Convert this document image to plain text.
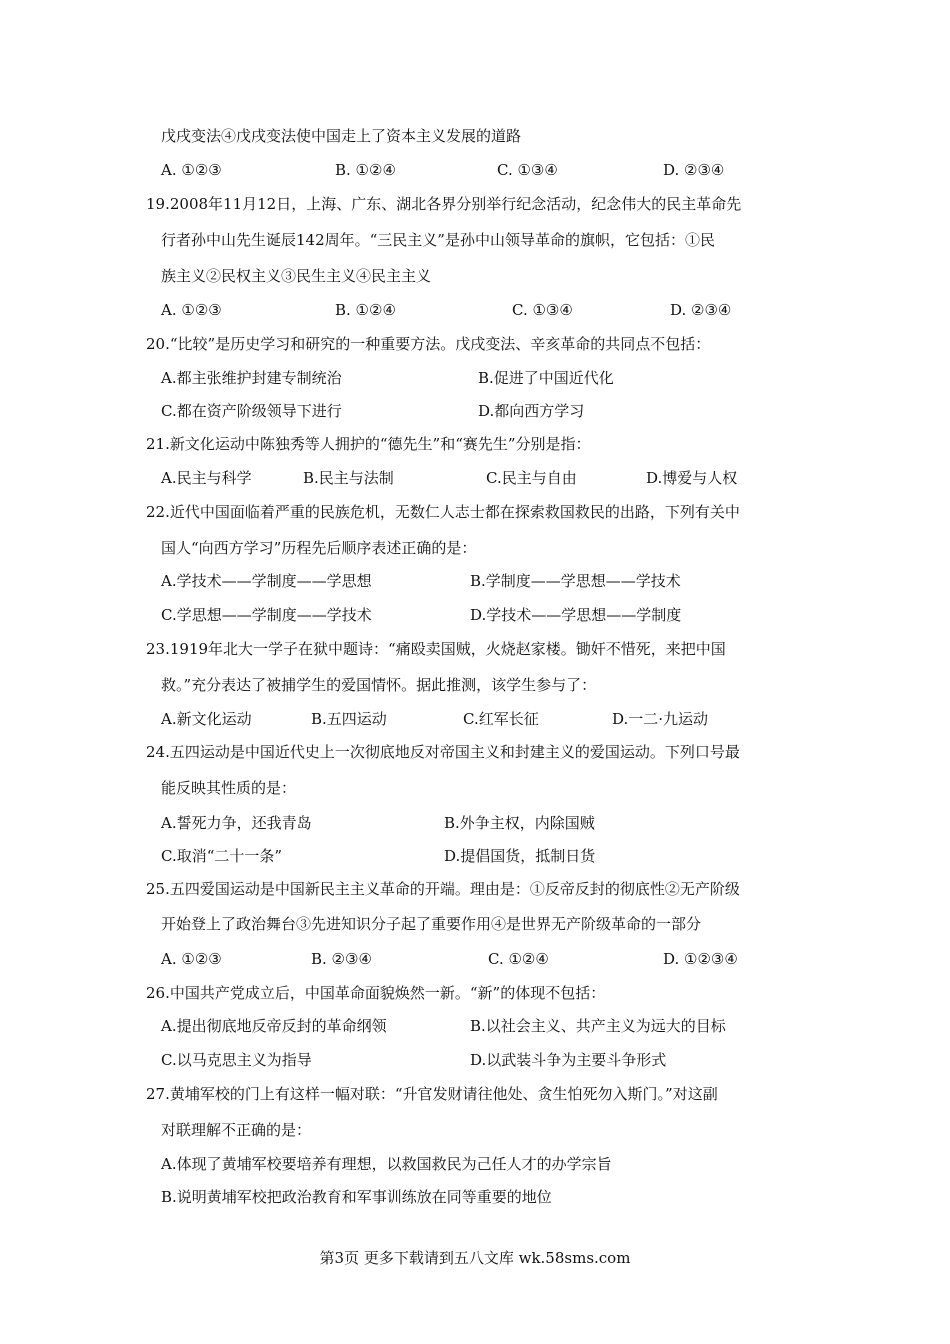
戊戌变法④戊戌变法使中国走上了资本主义发展的道路
A. ①②③	B. ①②④	C. ①③④	D. ②③④
19.2008年11月12日，上海、广东、湖北各界分别举行纪念活动，纪念伟大的民主革命先
行者孙中山先生诞辰142周年。“三民主义”是孙中山领导革命的旗帜，它包括：①民
族主义②民权主义③民生主义④民主主义
A. ①②③	B. ①②④	C. ①③④	D. ②③④
20.“比较”是历史学习和研究的一种重要方法。戊戌变法、辛亥革命的共同点不包括：
A.都主张维护封建专制统治	B.促进了中国近代化
C.都在资产阶级领导下进行	D.都向西方学习
21.新文化运动中陈独秀等人拥护的“德先生”和“赛先生”分别是指：
A.民主与科学	B.民主与法制	C.民主与自由	D.博爱与人权
22.近代中国面临着严重的民族危机，无数仁人志士都在探索救国救民的出路，下列有关中
国人“向西方学习”历程先后顺序表述正确的是：
A.学技术——学制度——学思想	B.学制度——学思想——学技术
C.学思想——学制度——学技术	D.学技术——学思想——学制度
23.1919年北大一学子在狱中题诗：“痛殴卖国贼，火烧赵家楼。锄奸不惜死，来把中国
救。”充分表达了被捕学生的爱国情怀。据此推测，该学生参与了：
A.新文化运动	B.五四运动	C.红军长征	D.一二·九运动
24.五四运动是中国近代史上一次彻底地反对帝国主义和封建主义的爱国运动。下列口号最
能反映其性质的是：
A.誓死力争，还我青岛	B.外争主权，内除国贼
C.取消“二十一条”	D.提倡国货，抵制日货
25.五四爱国运动是中国新民主主义革命的开端。理由是：①反帝反封的彻底性②无产阶级
开始登上了政治舞台③先进知识分子起了重要作用④是世界无产阶级革命的一部分
A. ①②③	B. ②③④	C. ①②④	D. ①②③④
26.中国共产党成立后，中国革命面貌焕然一新。“新”的体现不包括：
A.提出彻底地反帝反封的革命纲领	B.以社会主义、共产主义为远大的目标
C.以马克思主义为指导	D.以武装斗争为主要斗争形式
27.黄埔军校的门上有这样一幅对联：“升官发财请往他处、贪生怕死勿入斯门。”对这副
对联理解不正确的是：
A.体现了黄埔军校要培养有理想，以救国救民为己任人才的办学宗旨
B.说明黄埔军校把政治教育和军事训练放在同等重要的地位
第3页 更多下载请到五八文库 wk.58sms.com
